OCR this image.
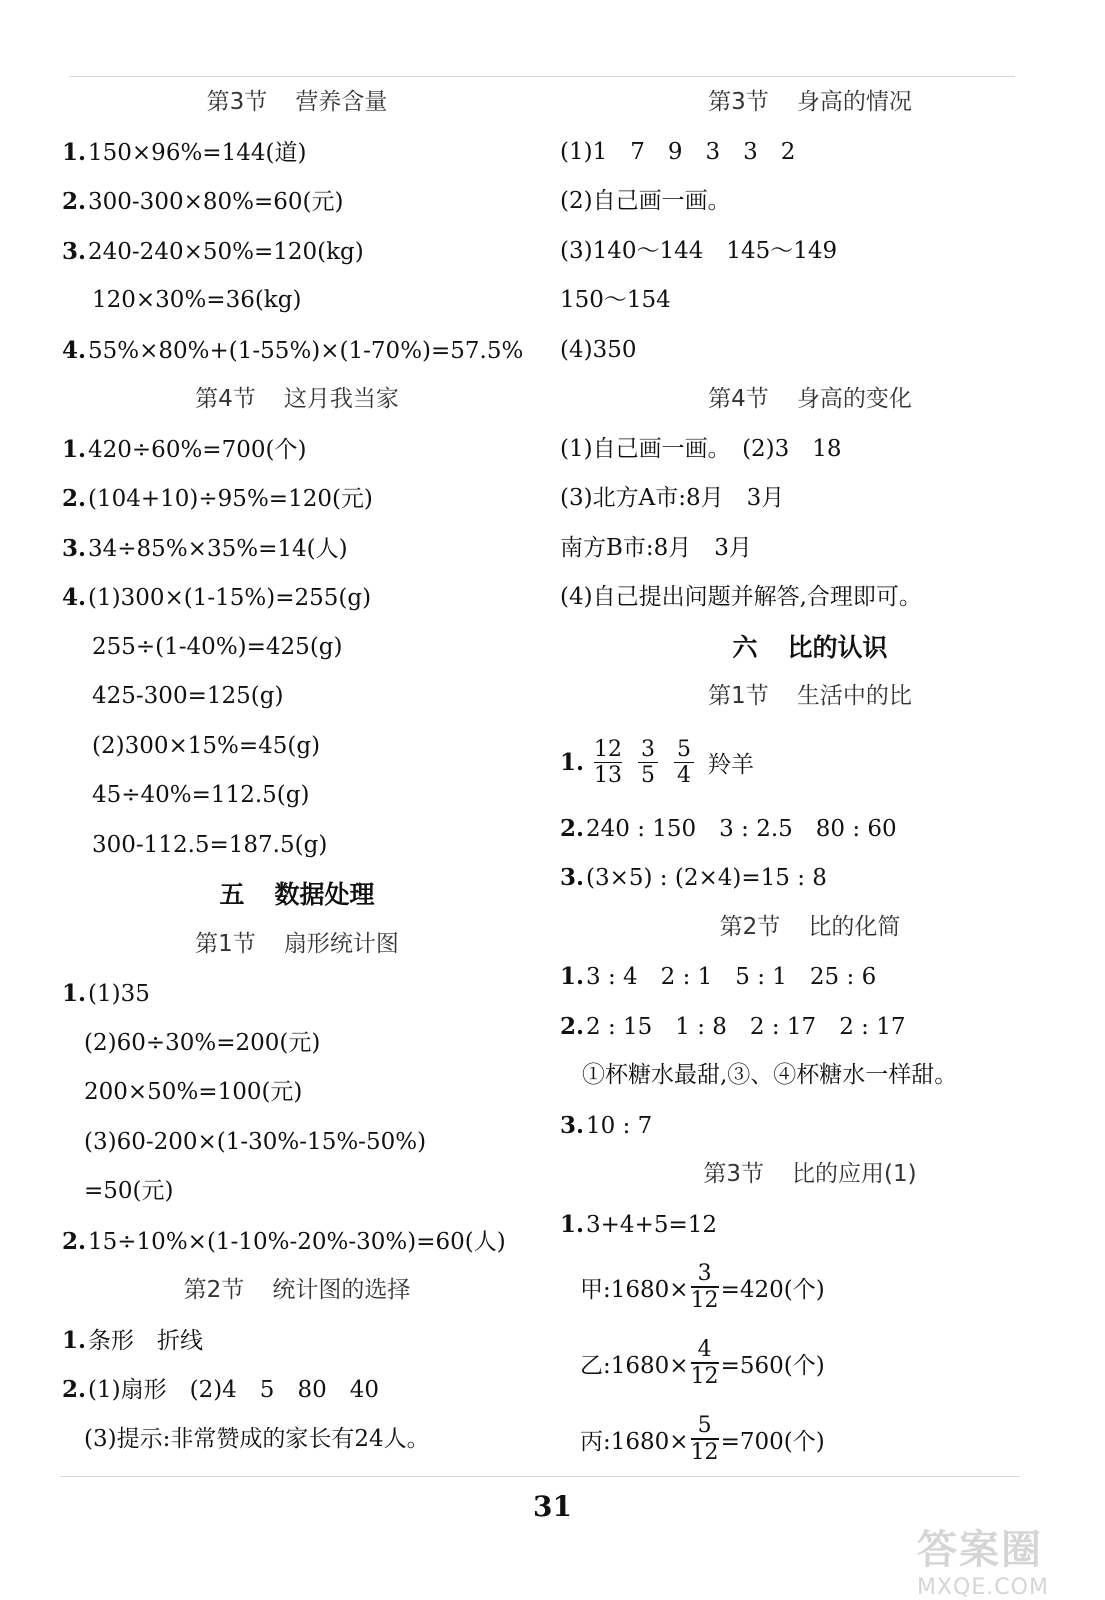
第3节 营养含量
1.150×96%=144(道)
2.300-300×80%=60(元)
3.240-240×50%=120(kg)
120×30%=36(kg)
4.55%×80%+(1-55%)×(1-70%)=57.5%
第4节 这月我当家
1.420÷60%=700(个)
2.(104+10)÷95%=120(元)
3.34÷85%×35%=14(人)
4.(1)300×(1-15%)=255(g)
255÷(1-40%)=425(g)
425-300=125(g)
(2)300×15%=45(g)
45÷40%=112.5(g)
300-112.5=187.5(g)
五 数据处理
第1节 扇形统计图
1.(1)35
(2)60÷30%=200(元)
200×50%=100(元)
(3)60-200×(1-30%-15%-50%)
=50(元)
2.15÷10%×(1-10%-20%-30%)=60(人)
第2节 统计图的选择
1.条形　折线
2.(1)扇形　(2)4　5　80　40
(3)提示:非常赞成的家长有24人。
第3节 身高的情况
(1)1　7　9　3　3　2
(2)自己画一画。
(3)140～144　145～149
150～154
(4)350
第4节 身高的变化
(1)自己画一画。　(2)3　18
(3)北方A市:8月　3月
南方B市:8月　3月
(4)自己提出问题并解答,合理即可。
六 比的认识
第1节 生活中的比
1. $\frac{12}{13} \frac{3}{5} \frac{5}{4}$ 羚羊
2.240 : 150　3 : 2.5　80 : 60
3.(3×5) : (2×4)=15 : 8
第2节 比的化简
1.3 : 4　2 : 1　5 : 1　25 : 6
2.2 : 15　1 : 8　2 : 17　2 : 17
①杯糖水最甜,③、④杯糖水一样甜。
3.10 : 7
第3节 比的应用(1)
1.3+4+5=12
甲:1680× $\frac{3}{12} =420$(个)
乙:1680× $\frac{4}{12} =560$(个)
丙:1680× $\frac{5}{12} =700$(个)
31
答案圈
MXQE.COM
